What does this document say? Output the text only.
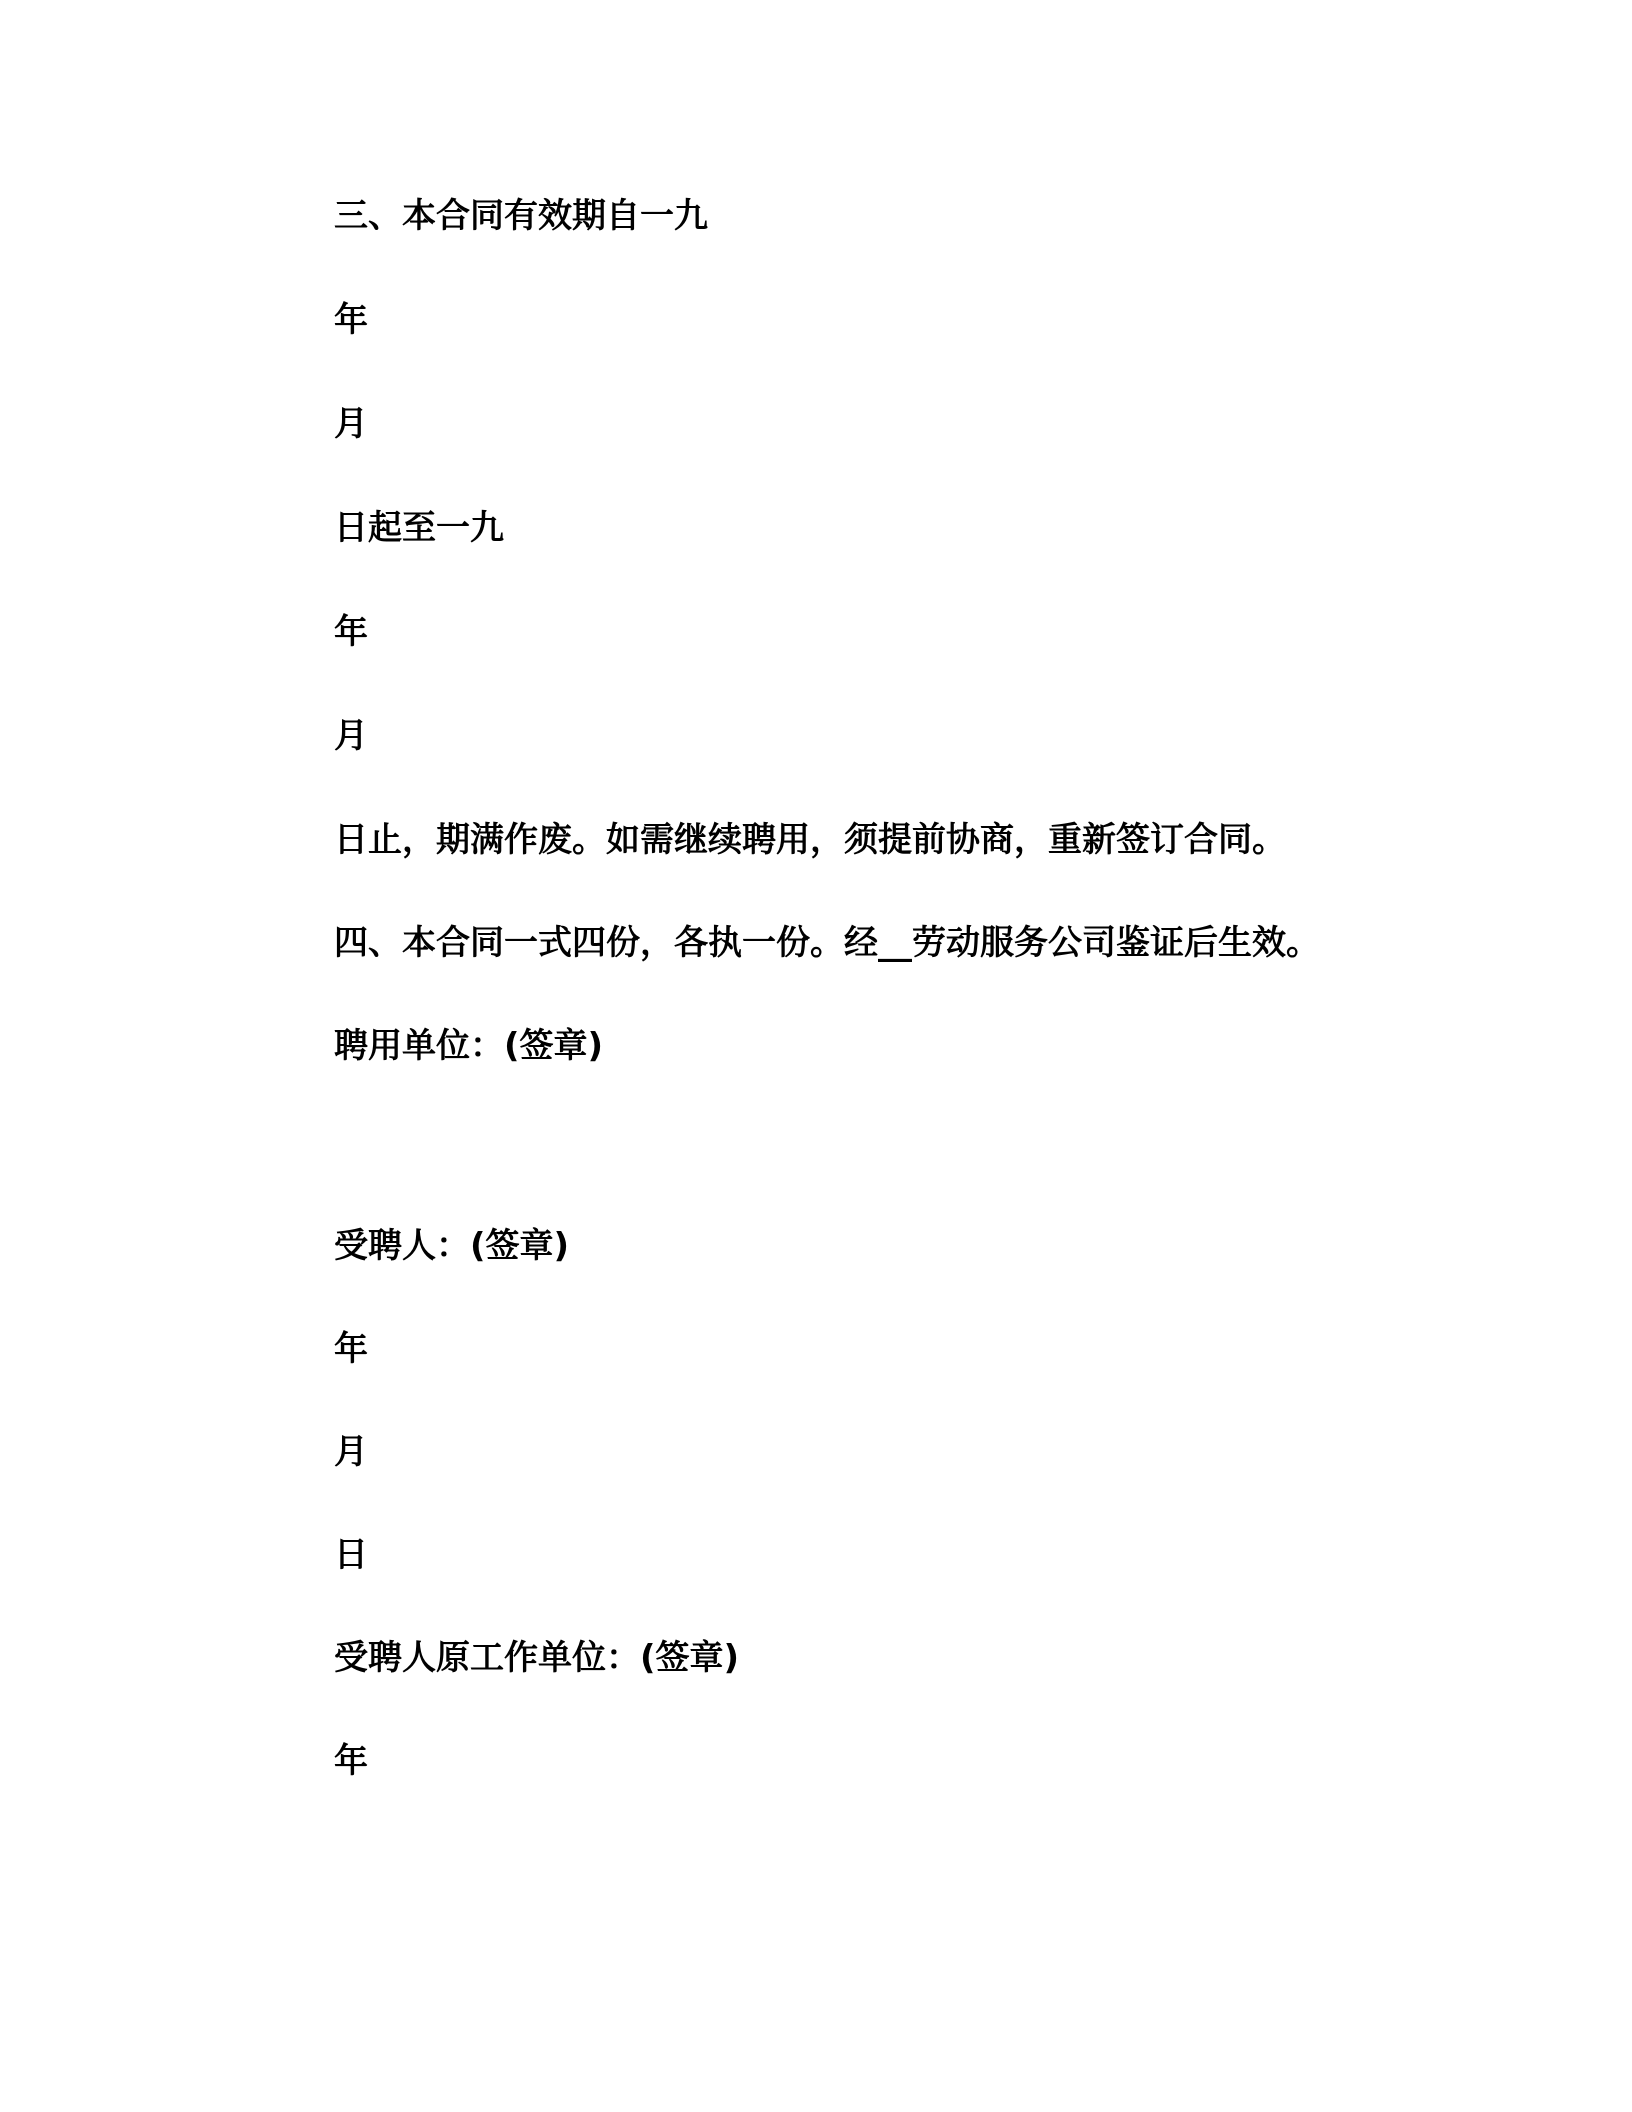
三、本合同有效期自一九

年

月

日起至一九

年

月

日止，期满作废。如需继续聘用，须提前协商，重新签订合同。

四、本合同一式四份，各执一份。经__劳动服务公司鉴证后生效。

聘用单位：(签章)

受聘人：(签章)

年

月

日

受聘人原工作单位：(签章)

年
